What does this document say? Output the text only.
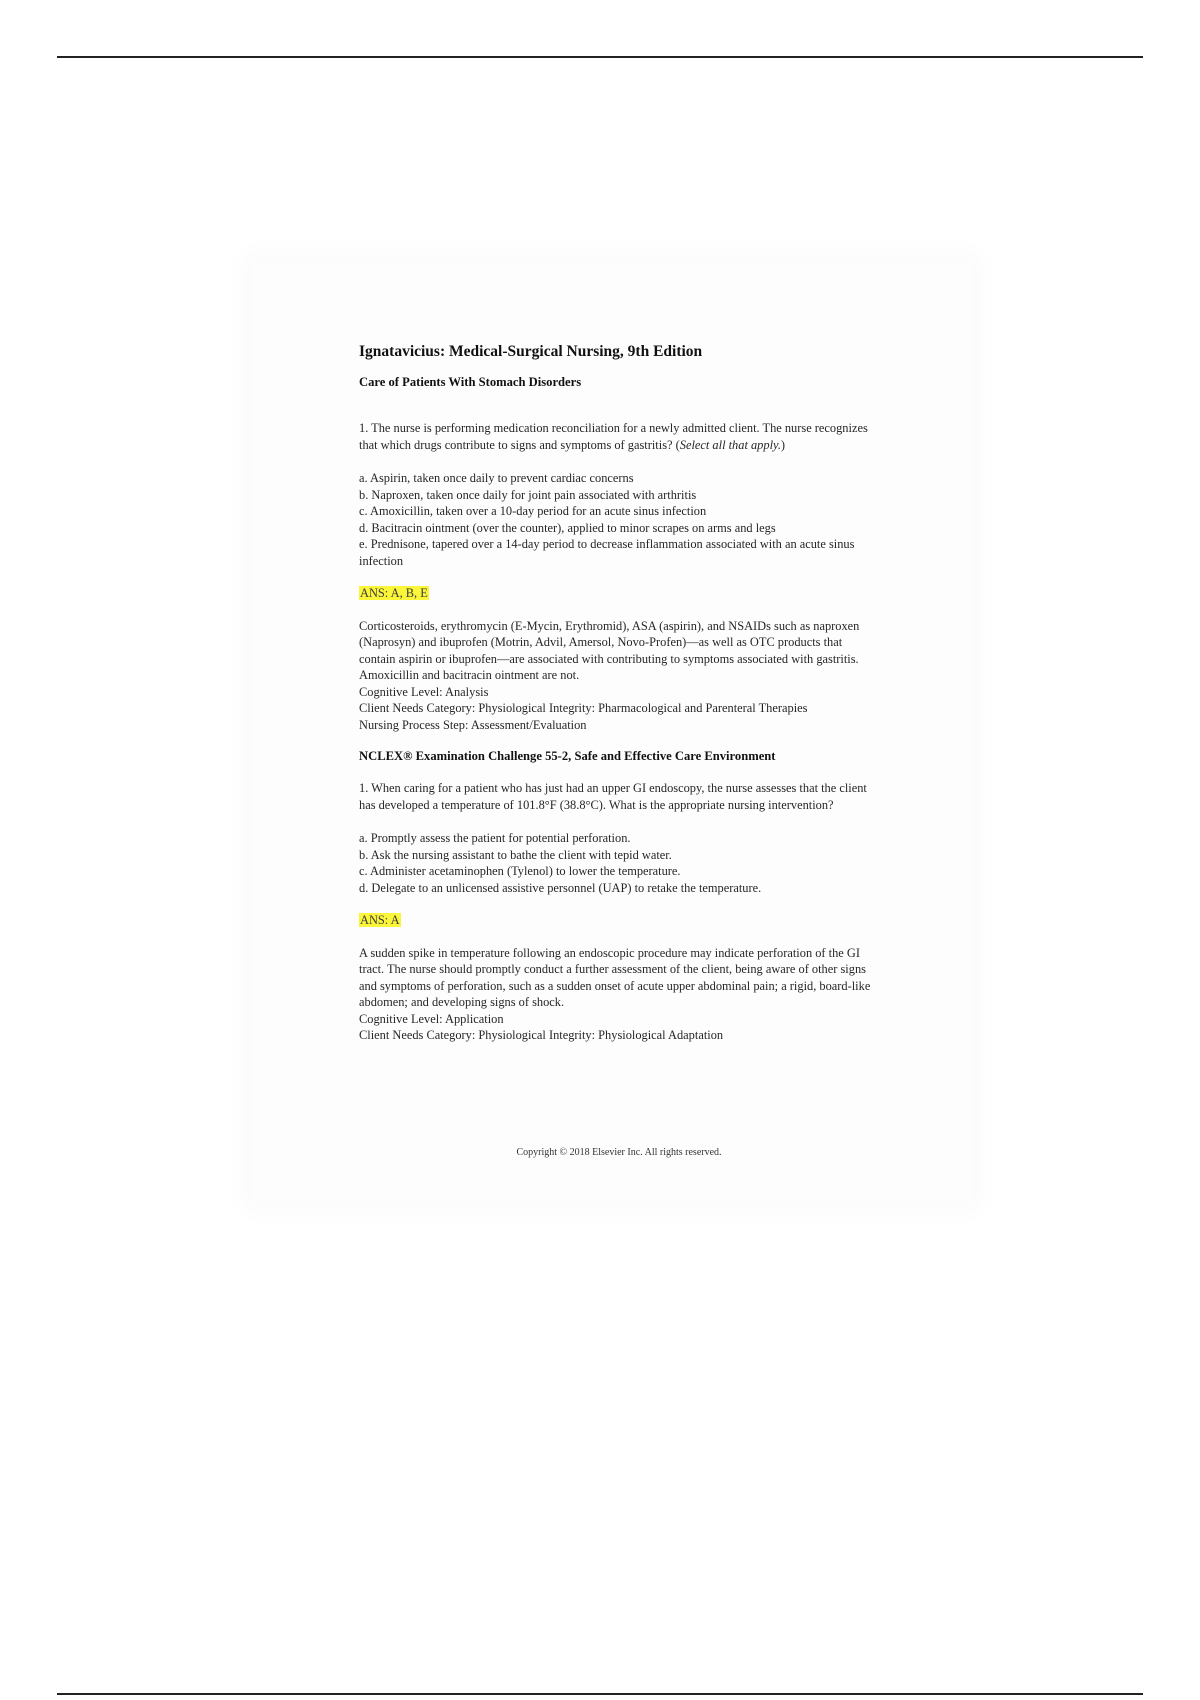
Ignatavicius: Medical-Surgical Nursing, 9th Edition
Care of Patients With Stomach Disorders
1. The nurse is performing medication reconciliation for a newly admitted client. The nurse recognizes that which drugs contribute to signs and symptoms of gastritis? (Select all that apply.)
a. Aspirin, taken once daily to prevent cardiac concerns
b. Naproxen, taken once daily for joint pain associated with arthritis
c. Amoxicillin, taken over a 10-day period for an acute sinus infection
d. Bacitracin ointment (over the counter), applied to minor scrapes on arms and legs
e. Prednisone, tapered over a 14-day period to decrease inflammation associated with an acute sinus infection
ANS: A, B, E
Corticosteroids, erythromycin (E-Mycin, Erythromid), ASA (aspirin), and NSAIDs such as naproxen (Naprosyn) and ibuprofen (Motrin, Advil, Amersol, Novo-Profen)—as well as OTC products that contain aspirin or ibuprofen—are associated with contributing to symptoms associated with gastritis. Amoxicillin and bacitracin ointment are not.
Cognitive Level: Analysis
Client Needs Category: Physiological Integrity: Pharmacological and Parenteral Therapies
Nursing Process Step: Assessment/Evaluation
NCLEX® Examination Challenge 55-2, Safe and Effective Care Environment
1. When caring for a patient who has just had an upper GI endoscopy, the nurse assesses that the client has developed a temperature of 101.8°F (38.8°C). What is the appropriate nursing intervention?
a. Promptly assess the patient for potential perforation.
b. Ask the nursing assistant to bathe the client with tepid water.
c. Administer acetaminophen (Tylenol) to lower the temperature.
d. Delegate to an unlicensed assistive personnel (UAP) to retake the temperature.
ANS: A
A sudden spike in temperature following an endoscopic procedure may indicate perforation of the GI tract. The nurse should promptly conduct a further assessment of the client, being aware of other signs and symptoms of perforation, such as a sudden onset of acute upper abdominal pain; a rigid, board-like abdomen; and developing signs of shock.
Cognitive Level: Application
Client Needs Category: Physiological Integrity: Physiological Adaptation
Copyright © 2018 Elsevier Inc. All rights reserved.
